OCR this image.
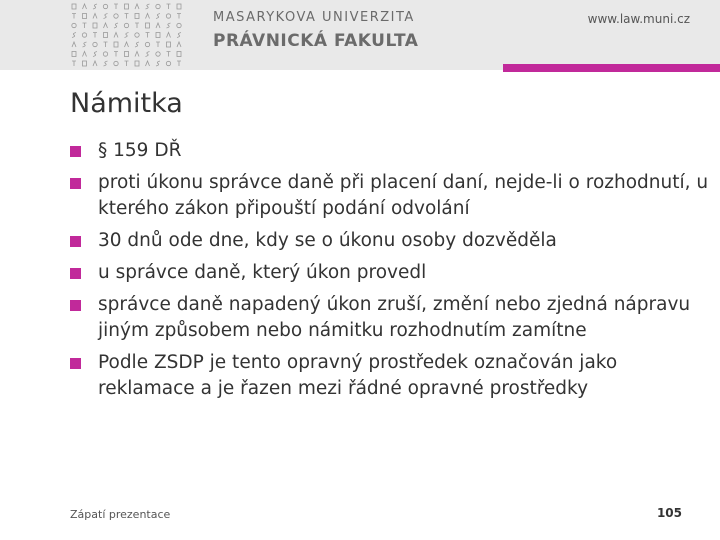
MASARYKOVA UNIVERZITA
PRÁVNICKÁ FAKULTA
www.law.muni.cz
Námitka
§ 159 DŘ
proti úkonu správce daně při placení daní, nejde-li o rozhodnutí, u kterého zákon připouští podání odvolání
30 dnů ode dne, kdy se o úkonu osoby dozvěděla
u správce daně, který úkon provedl
správce daně napadený úkon zruší, změní nebo zjedná nápravu jiným způsobem nebo námitku rozhodnutím zamítne
Podle ZSDP je tento opravný prostředek označován jako reklamace a je řazen mezi řádné opravné prostředky
Zápatí prezentace	105
